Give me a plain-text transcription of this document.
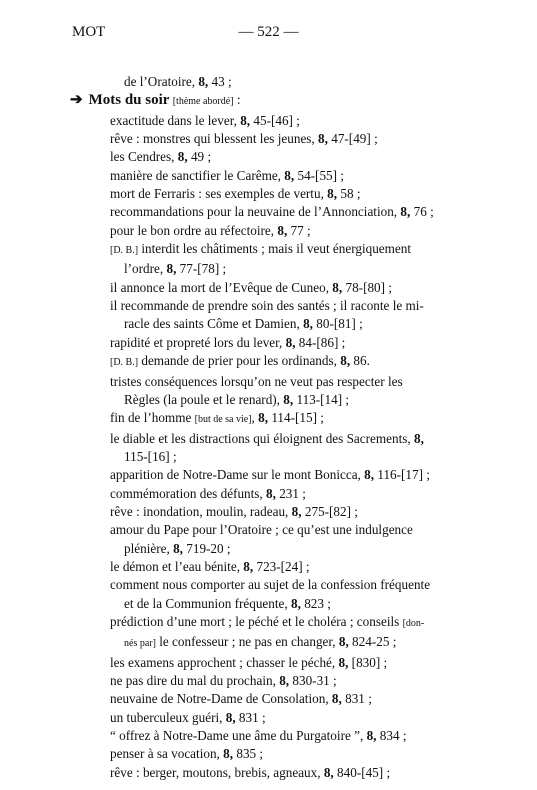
MOT	— 522 —
de l’Oratoire, 8, 43 ;
➔ Mots du soir [thème abordé] :
exactitude dans le lever, 8, 45-[46] ;
rêve : monstres qui blessent les jeunes, 8, 47-[49] ;
les Cendres, 8, 49 ;
manière de sanctifier le Carême, 8, 54-[55] ;
mort de Ferraris : ses exemples de vertu, 8, 58 ;
recommandations pour la neuvaine de l’Annonciation, 8, 76 ;
pour le bon ordre au réfectoire, 8, 77 ;
[D. B.] interdit les châtiments ; mais il veut énergiquement
l’ordre, 8, 77-[78] ;
il annonce la mort de l’Evêque de Cuneo, 8, 78-[80] ;
il recommande de prendre soin des santés ; il raconte le mi-
racle des saints Côme et Damien, 8, 80-[81] ;
rapidité et propreté lors du lever, 8, 84-[86] ;
[D. B.] demande de prier pour les ordinands, 8, 86.
tristes conséquences lorsqu’on ne veut pas respecter les
Règles (la poule et le renard), 8, 113-[14] ;
fin de l’homme [but de sa vie], 8, 114-[15] ;
le diable et les distractions qui éloignent des Sacrements, 8,
115-[16] ;
apparition de Notre-Dame sur le mont Bonicca, 8, 116-[17] ;
commémoration des défunts, 8, 231 ;
rêve : inondation, moulin, radeau, 8, 275-[82] ;
amour du Pape pour l’Oratoire ; ce qu’est une indulgence
plénière, 8, 719-20 ;
le démon et l’eau bénite, 8, 723-[24] ;
comment nous comporter au sujet de la confession fréquente
et de la Communion fréquente, 8, 823 ;
prédiction d’une mort ; le péché et le choléra ; conseils [don-
nés par] le confesseur ; ne pas en changer, 8, 824-25 ;
les examens approchent ; chasser le péché, 8, [830] ;
ne pas dire du mal du prochain, 8, 830-31 ;
neuvaine de Notre-Dame de Consolation, 8, 831 ;
un tuberculeux guéri, 8, 831 ;
“ offrez à Notre-Dame une âme du Purgatoire ”, 8, 834 ;
penser à sa vocation, 8, 835 ;
rêve : berger, moutons, brebis, agneaux, 8, 840-[45] ;
